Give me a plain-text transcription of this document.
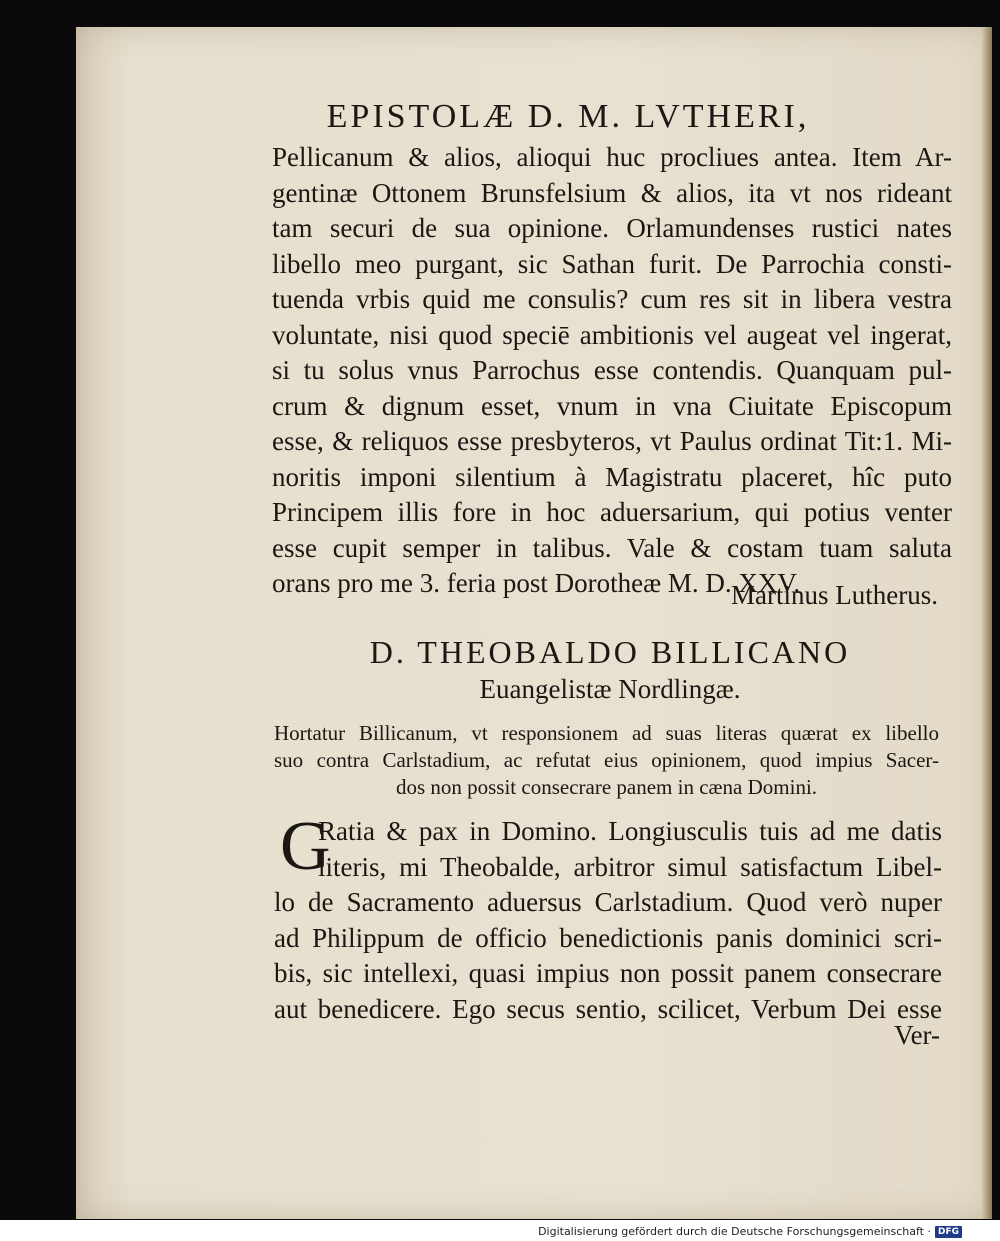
EPISTOLÆ D. M. LVTHERI,
Pellicanum & alios, alioqui huc procliues antea. Item Ar-
gentinæ Ottonem Brunsfelsium & alios, ita vt nos rideant
tam securi de sua opinione. Orlamundenses rustici nates
libello meo purgant, sic Sathan furit. De Parrochia consti-
tuenda vrbis quid me consulis? cum res sit in libera vestra
voluntate, nisi quod speciē ambitionis vel augeat vel ingerat,
si tu solus vnus Parrochus esse contendis. Quanquam pul-
crum & dignum esset, vnum in vna Ciuitate Episcopum
esse, & reliquos esse presbyteros, vt Paulus ordinat Tit:1. Mi-
noritis imponi silentium à Magistratu placeret, hîc puto
Principem illis fore in hoc aduersarium, qui potius venter
esse cupit semper in talibus. Vale & costam tuam saluta
orans pro me 3. feria post Dorotheæ M. D. XXV.
Martinus Lutherus.
D. THEOBALDO BILLICANO
Euangelistæ Nordlingæ.
Hortatur Billicanum, vt responsionem ad suas literas quærat ex libello
suo contra Carlstadium, ac refutat eius opinionem, quod impius Sacer-
dos non possit consecrare panem in cæna Domini.
G
Ratia & pax in Domino. Longiusculis tuis ad me datis
literis, mi Theobalde, arbitror simul satisfactum Libel-
lo de Sacramento aduersus Carlstadium. Quod verò nuper
ad Philippum de officio benedictionis panis dominici scri-
bis, sic intellexi, quasi impius non possit panem consecrare
aut benedicere. Ego secus sentio, scilicet, Verbum Dei esse
Ver-
Digitalisierung gefördert durch die Deutsche Forschungsgemeinschaft · DFG
